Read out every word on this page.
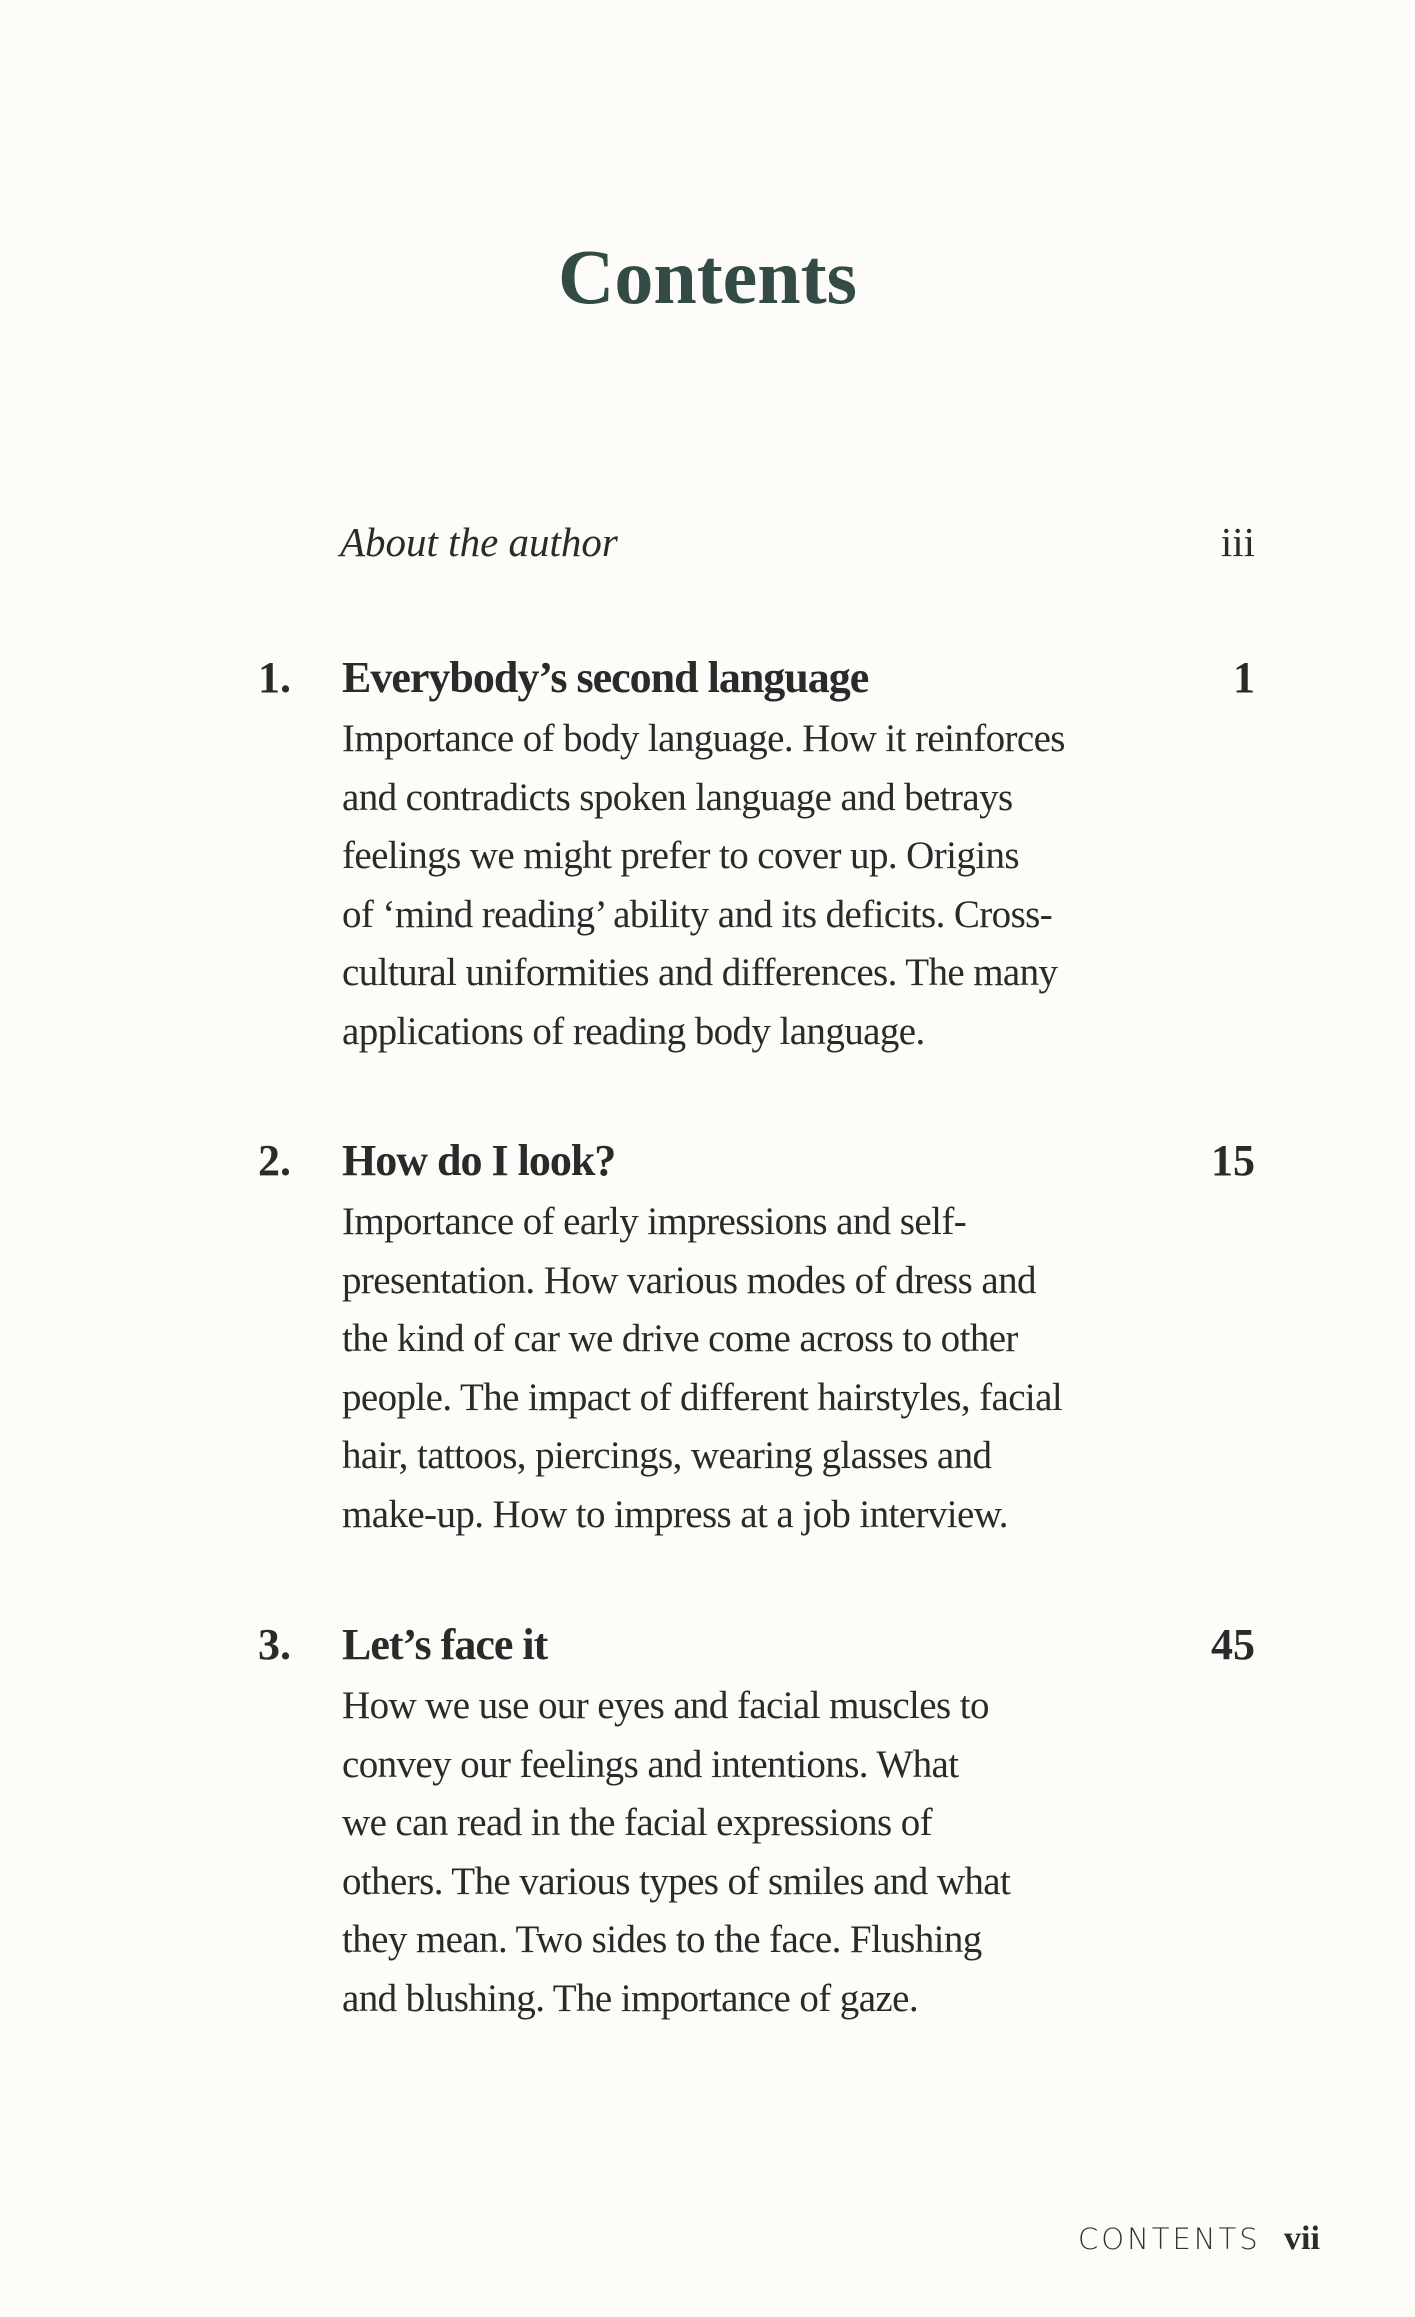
Contents
About the author	iii
1. Everybody’s second language	1
Importance of body language. How it reinforces
and contradicts spoken language and betrays
feelings we might prefer to cover up. Origins
of ‘mind reading’ ability and its deficits. Cross-
cultural uniformities and differences. The many
applications of reading body language.
2. How do I look?	15
Importance of early impressions and self-
presentation. How various modes of dress and
the kind of car we drive come across to other
people. The impact of different hairstyles, facial
hair, tattoos, piercings, wearing glasses and
make-up. How to impress at a job interview.
3. Let’s face it	45
How we use our eyes and facial muscles to
convey our feelings and intentions. What
we can read in the facial expressions of
others. The various types of smiles and what
they mean. Two sides to the face. Flushing
and blushing. The importance of gaze.
CONTENTS vii
